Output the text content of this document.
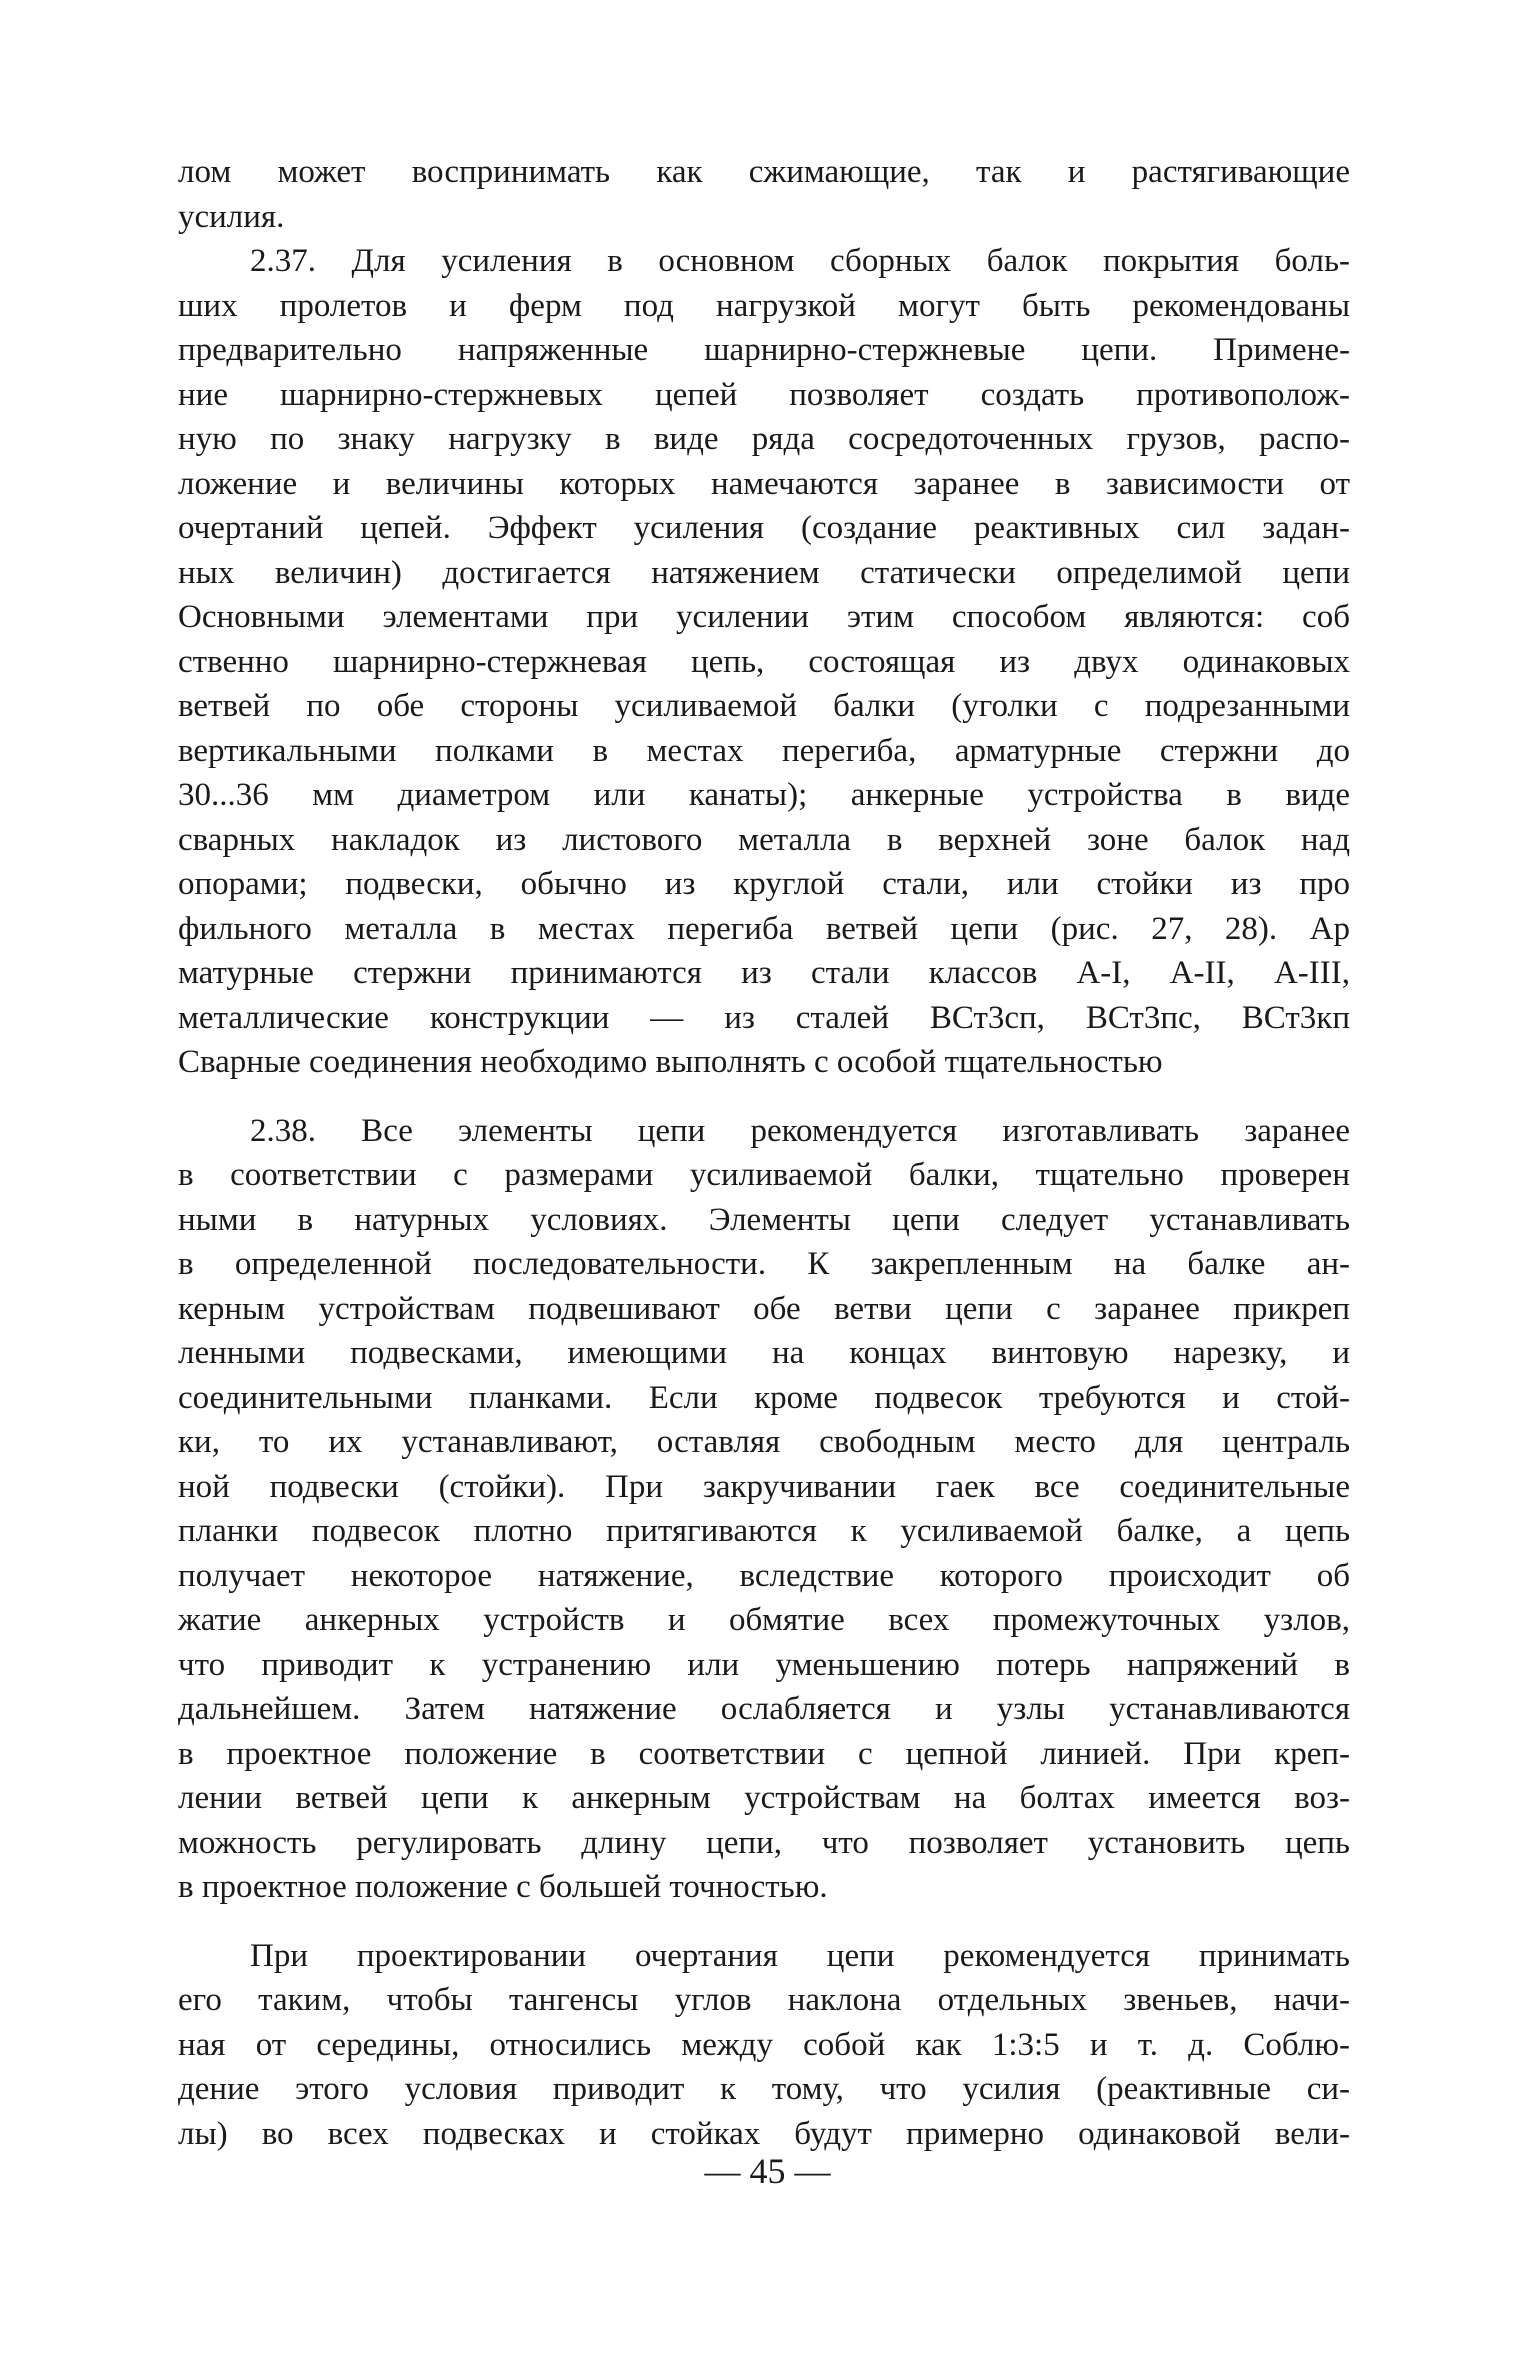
лом может воспринимать как сжимающие, так и растягивающие
усилия.
2.37. Для усиления в основном сборных балок покрытия боль-
ших пролетов и ферм под нагрузкой могут быть рекомендованы
предварительно напряженные шарнирно-стержневые цепи. Примене-
ние шарнирно-стержневых цепей позволяет создать противополож-
ную по знаку нагрузку в виде ряда сосредоточенных грузов, распо-
ложение и величины которых намечаются заранее в зависимости от
очертаний цепей. Эффект усиления (создание реактивных сил задан-
ных величин) достигается натяжением статически определимой цепи
Основными элементами при усилении этим способом являются: соб
ственно шарнирно-стержневая цепь, состоящая из двух одинаковых
ветвей по обе стороны усиливаемой балки (уголки с подрезанными
вертикальными полками в местах перегиба, арматурные стержни до
30...36 мм диаметром или канаты); анкерные устройства в виде
сварных накладок из листового металла в верхней зоне балок над
опорами; подвески, обычно из круглой стали, или стойки из про
фильного металла в местах перегиба ветвей цепи (рис. 27, 28). Ар
матурные стержни принимаются из стали классов А-I, А-II, А-III,
металлические конструкции — из сталей ВСт3сп, ВСт3пс, ВСт3кп
Сварные соединения необходимо выполнять с особой тщательностью
2.38. Все элементы цепи рекомендуется изготавливать заранее
в соответствии с размерами усиливаемой балки, тщательно проверен
ными в натурных условиях. Элементы цепи следует устанавливать
в определенной последовательности. К закрепленным на балке ан-
керным устройствам подвешивают обе ветви цепи с заранее прикреп
ленными подвесками, имеющими на концах винтовую нарезку, и
соединительными планками. Если кроме подвесок требуются и стой-
ки, то их устанавливают, оставляя свободным место для централь
ной подвески (стойки). При закручивании гаек все соединительные
планки подвесок плотно притягиваются к усиливаемой балке, а цепь
получает некоторое натяжение, вследствие которого происходит об
жатие анкерных устройств и обмятие всех промежуточных узлов,
что приводит к устранению или уменьшению потерь напряжений в
дальнейшем. Затем натяжение ослабляется и узлы устанавливаются
в проектное положение в соответствии с цепной линией. При креп-
лении ветвей цепи к анкерным устройствам на болтах имеется воз-
можность регулировать длину цепи, что позволяет установить цепь
в проектное положение с большей точностью.
При проектировании очертания цепи рекомендуется принимать
его таким, чтобы тангенсы углов наклона отдельных звеньев, начи-
ная от середины, относились между собой как 1:3:5 и т. д. Соблю-
дение этого условия приводит к тому, что усилия (реактивные си-
лы) во всех подвесках и стойках будут примерно одинаковой вели-
— 45 —
